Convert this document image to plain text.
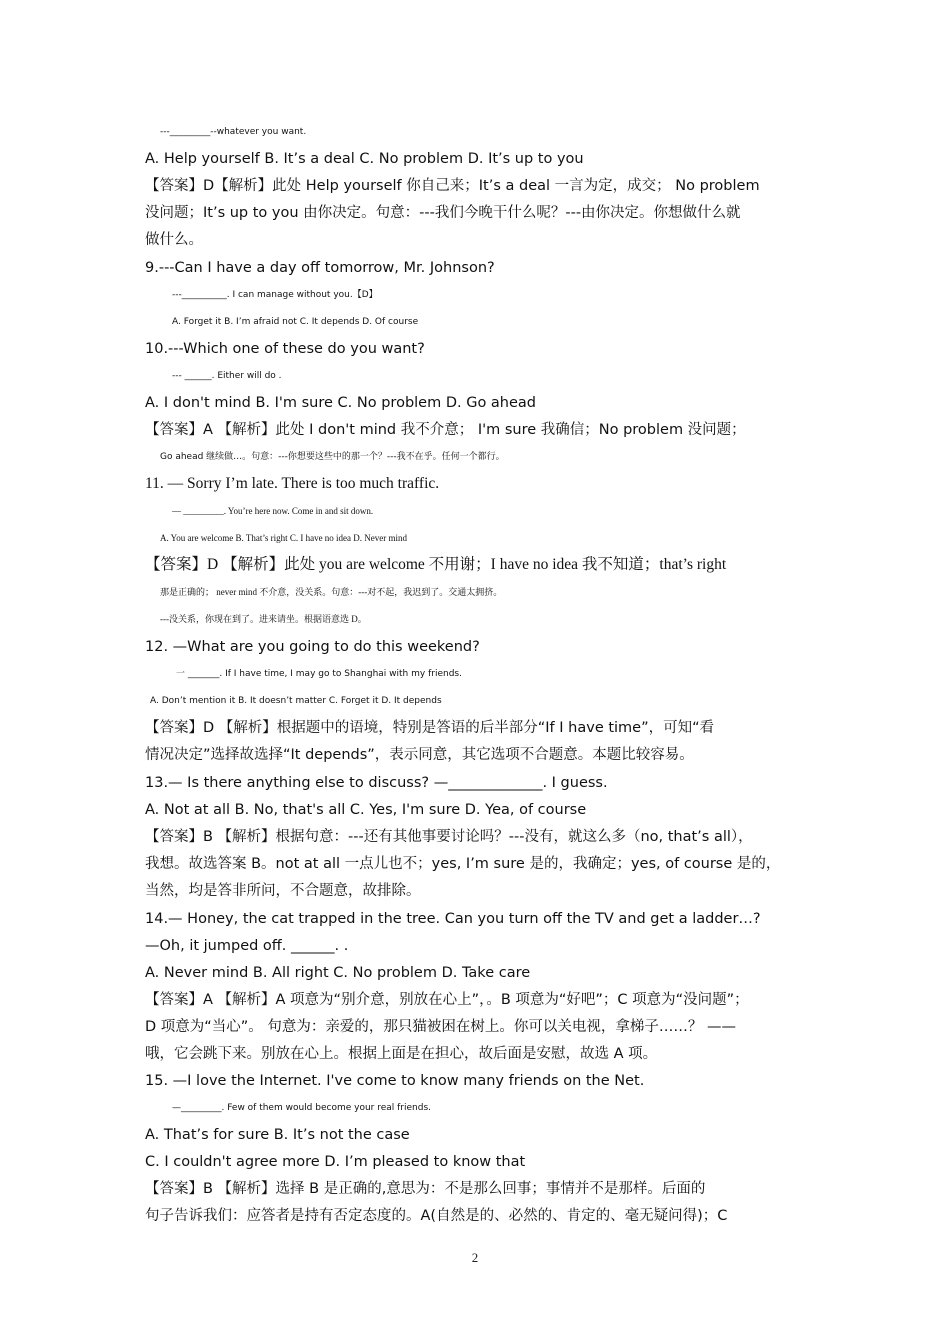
---_________--whatever you want.
A. Help yourself B. It’s a deal C. No problem D. It’s up to you
【答案】D【解析】此处 Help yourself 你自己来；It’s a deal 一言为定，成交； No problem
没问题；It’s up to you 由你决定。句意：---我们今晚干什么呢？---由你决定。你想做什么就
做什么。
9.---Can I have a day off tomorrow, Mr. Johnson?
---__________. I can manage without you.【D】
A. Forget it B. I’m afraid not C. It depends D. Of course
10.---Which one of these do you want?
--- ______. Either will do .
A. I don't mind B. I'm sure C. No problem D. Go ahead
【答案】A 【解析】此处 I don't mind 我不介意； I'm sure 我确信；No problem 没问题；
Go ahead 继续做…。句意：---你想要这些中的那一个？---我不在乎。任何一个都行。
11. — Sorry I’m late. There is too much traffic.
— _________. You’re here now. Come in and sit down.
A. You are welcome B. That’s right C. I have no idea D. Never mind
【答案】D 【解析】此处 you are welcome 不用谢；I have no idea 我不知道；that’s right
那是正确的； never mind 不介意，没关系。句意：---对不起，我迟到了。交通太拥挤。
---没关系，你现在到了。进来请坐。根据语意选 D。
12. —What are you going to do this weekend?
一 _______. If I have time, I may go to Shanghai with my friends.
A. Don’t mention it B. It doesn’t matter C. Forget it D. It depends
【答案】D 【解析】根据题中的语境，特别是答语的后半部分“If I have time”，可知“看
情况决定”选择故选择“It depends”，表示同意，其它选项不合题意。本题比较容易。
13.— Is there anything else to discuss? —_____________. I guess.
A. Not at all B. No, that's all C. Yes, I'm sure D. Yea, of course
【答案】B 【解析】根据句意：---还有其他事要讨论吗？---没有，就这么多（no, that’s all），
我想。故选答案 B。not at all 一点儿也不；yes, I’m sure 是的，我确定；yes, of course 是的，
当然，均是答非所问，不合题意，故排除。
14.— Honey, the cat trapped in the tree. Can you turn off the TV and get a ladder…?
—Oh, it jumped off. ______. .
A. Never mind B. All right C. No problem D. Take care
【答案】A 【解析】A 项意为“别介意，别放在心上”，。B 项意为“好吧”；C 项意为“没问题”；
D 项意为“当心”。 句意为：亲爱的，那只猫被困在树上。你可以关电视，拿梯子……？ ——
哦，它会跳下来。别放在心上。根据上面是在担心，故后面是安慰，故选 A 项。
15. —I love the Internet. I've come to know many friends on the Net.
—_________. Few of them would become your real friends.
A. That’s for sure B. It’s not the case
C. I couldn't agree more D. I’m pleased to know that
【答案】B 【解析】选择 B 是正确的,意思为：不是那么回事；事情并不是那样。后面的
句子告诉我们：应答者是持有否定态度的。A(自然是的、必然的、肯定的、毫无疑问得)；C
2
